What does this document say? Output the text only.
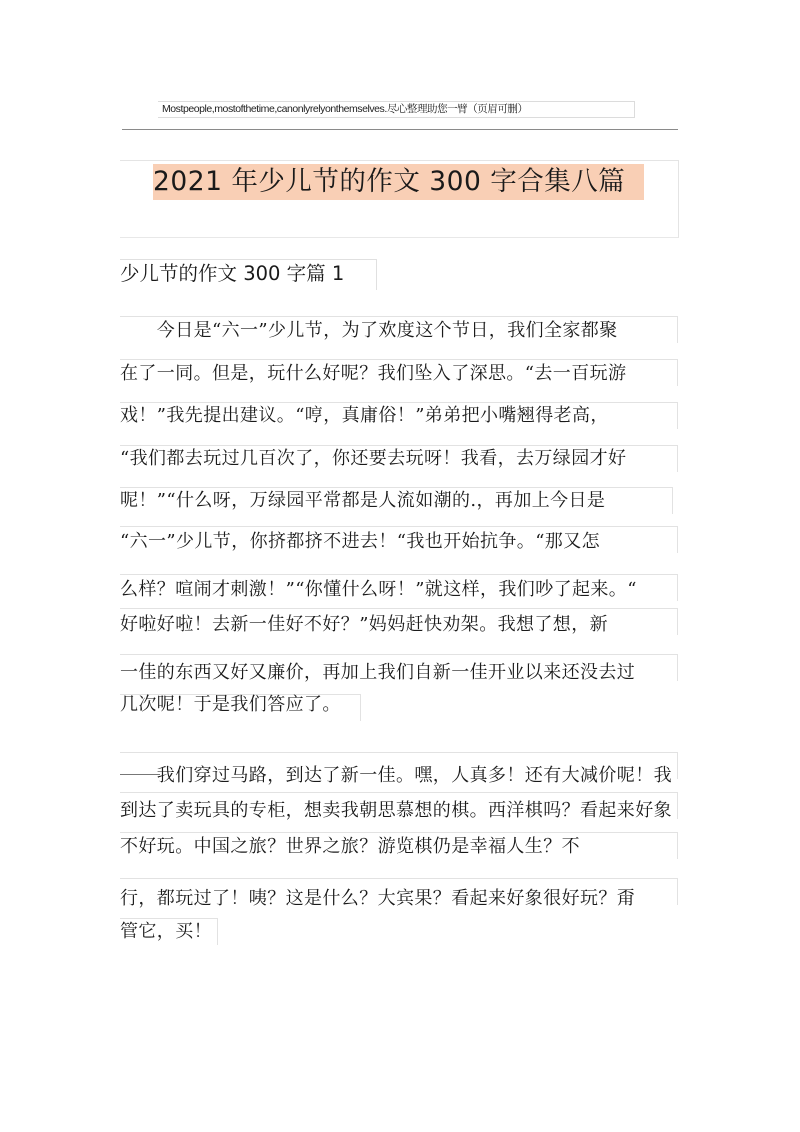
Mostpeople,mostofthetime,canonlyrelyonthemselves.尽心整理助您一臂（页眉可删）
2021 年少儿节的作文 300 字合集八篇
少儿节的作文 300 字篇 1
　　今日是“六一”少儿节，为了欢度这个节日，我们全家都聚
在了一同。但是，玩什么好呢？我们坠入了深思。“去一百玩游
戏！”我先提出建议。“哼，真庸俗！”弟弟把小嘴翘得老高，
“我们都去玩过几百次了，你还要去玩呀！我看，去万绿园才好
呢！”“什么呀，万绿园平常都是人流如潮的.，再加上今日是
“六一”少儿节，你挤都挤不进去！“我也开始抗争。“那又怎
么样？喧闹才刺激！”“你懂什么呀！”就这样，我们吵了起来。“
好啦好啦！去新一佳好不好？”妈妈赶快劝架。我想了想，新
一佳的东西又好又廉价，再加上我们自新一佳开业以来还没去过
几次呢！于是我们答应了。
　　我们穿过马路，到达了新一佳。嘿，人真多！还有大减价呢！我
到达了卖玩具的专柜，想卖我朝思慕想的棋。西洋棋吗？看起来好象
不好玩。中国之旅？世界之旅？游览棋仍是幸福人生？不
行，都玩过了！咦？这是什么？大宾果？看起来好象很好玩？甭
管它，买！
